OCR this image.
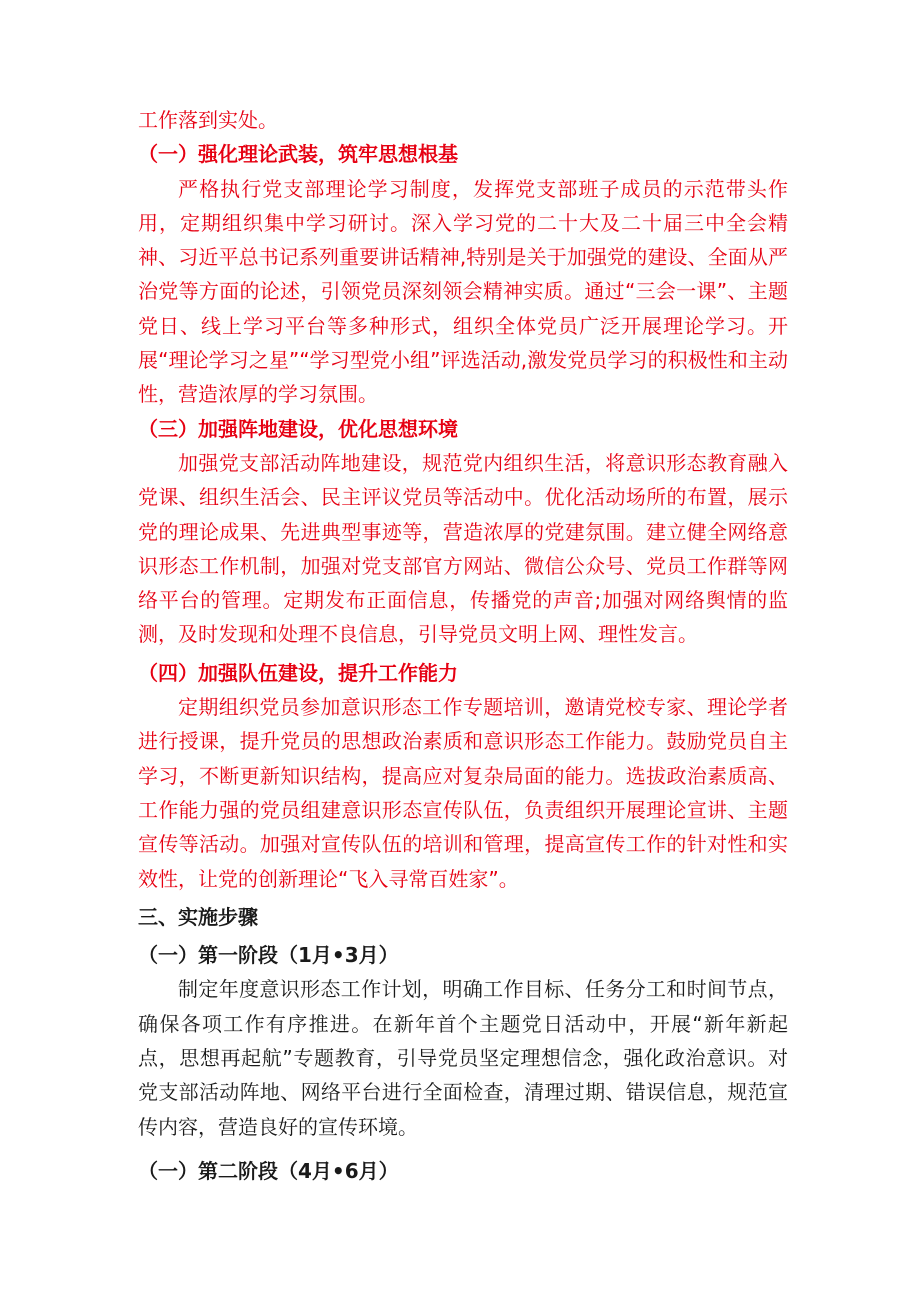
工作落到实处。

（一）强化理论武装，筑牢思想根基

严格执行党支部理论学习制度，发挥党支部班子成员的示范带头作用，定期组织集中学习研讨。深入学习党的二十大及二十届三中全会精神、习近平总书记系列重要讲话精神,特别是关于加强党的建设、全面从严治党等方面的论述，引领党员深刻领会精神实质。通过“三会一课”、主题党日、线上学习平台等多种形式，组织全体党员广泛开展理论学习。开展“理论学习之星”“学习型党小组”评选活动,激发党员学习的积极性和主动性，营造浓厚的学习氛围。

（三）加强阵地建设，优化思想环境

加强党支部活动阵地建设，规范党内组织生活，将意识形态教育融入党课、组织生活会、民主评议党员等活动中。优化活动场所的布置，展示党的理论成果、先进典型事迹等，营造浓厚的党建氛围。建立健全网络意识形态工作机制，加强对党支部官方网站、微信公众号、党员工作群等网络平台的管理。定期发布正面信息，传播党的声音;加强对网络舆情的监测，及时发现和处理不良信息，引导党员文明上网、理性发言。

（四）加强队伍建设，提升工作能力

定期组织党员参加意识形态工作专题培训，邀请党校专家、理论学者进行授课，提升党员的思想政治素质和意识形态工作能力。鼓励党员自主学习，不断更新知识结构，提高应对复杂局面的能力。选拔政治素质高、工作能力强的党员组建意识形态宣传队伍，负责组织开展理论宣讲、主题宣传等活动。加强对宣传队伍的培训和管理，提高宣传工作的针对性和实效性，让党的创新理论“飞入寻常百姓家”。

三、实施步骤

（一）第一阶段（1月•3月）

制定年度意识形态工作计划，明确工作目标、任务分工和时间节点，确保各项工作有序推进。在新年首个主题党日活动中，开展“新年新起点，思想再起航”专题教育，引导党员坚定理想信念，强化政治意识。对党支部活动阵地、网络平台进行全面检查，清理过期、错误信息，规范宣传内容，营造良好的宣传环境。

（一）第二阶段（4月•6月）
